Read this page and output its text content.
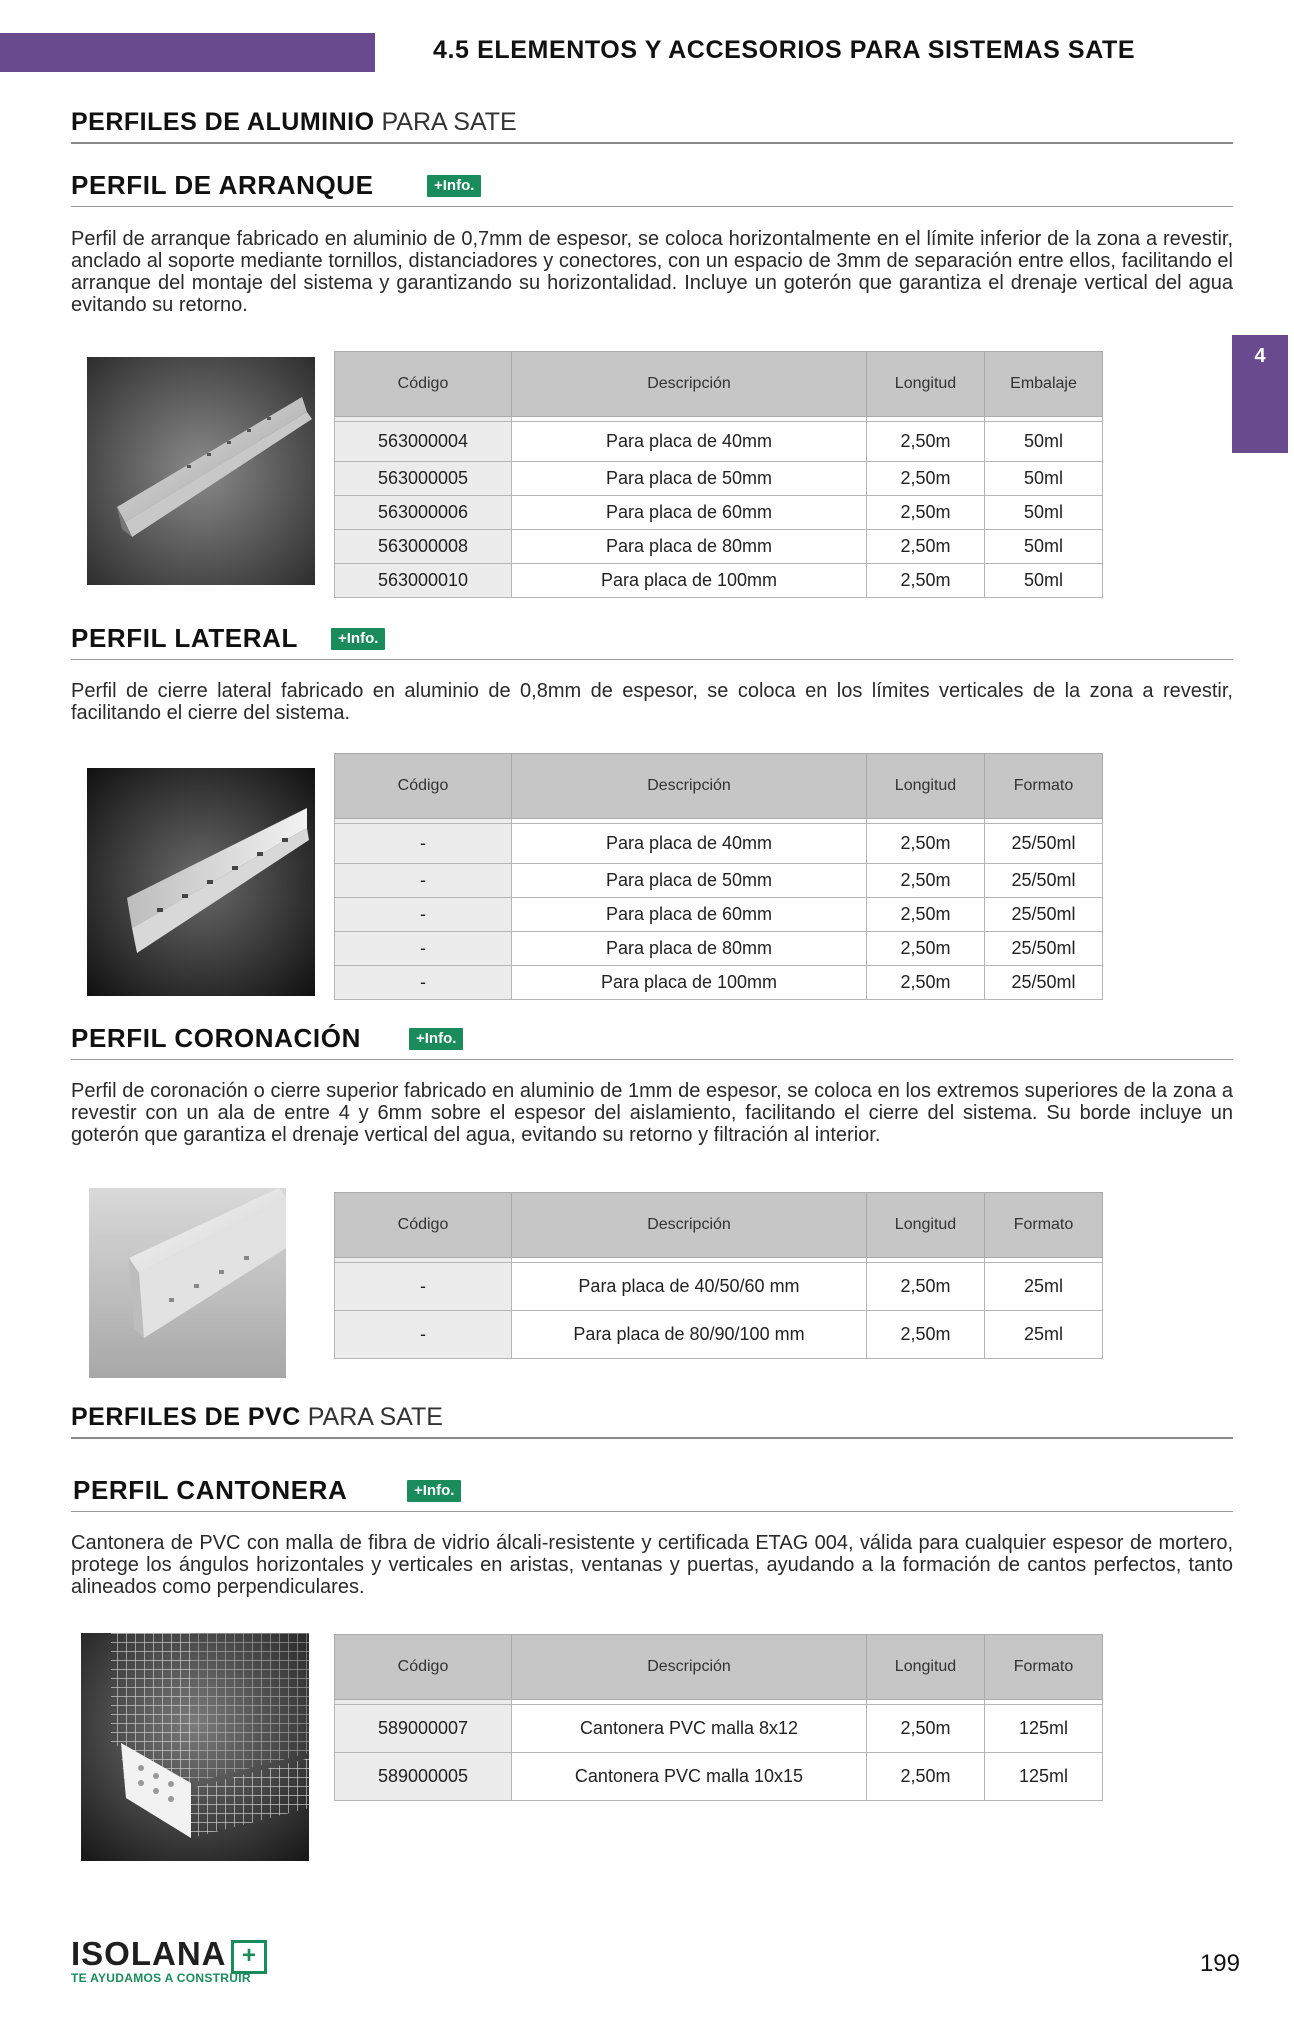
4.5 ELEMENTOS Y ACCESORIOS PARA SISTEMAS SATE
4
PERFILES DE ALUMINIO PARA SATE
PERFIL DE ARRANQUE	+Info.
Perfil de arranque fabricado en aluminio de 0,7mm de espesor, se coloca horizontalmente en el límite inferior de la zona a revestir, anclado al soporte mediante tornillos, distanciadores y conectores, con un espacio de 3mm de separación entre ellos, facilitando el arranque del montaje del sistema y garantizando su horizontalidad. Incluye un goterón que garantiza el drenaje vertical del agua evitando su retorno.
Código	Descripción	Longitud	Embalaje

563000004	Para placa de 40mm	2,50m	50ml
563000005	Para placa de 50mm	2,50m	50ml
563000006	Para placa de 60mm	2,50m	50ml
563000008	Para placa de 80mm	2,50m	50ml
563000010	Para placa de 100mm	2,50m	50ml
PERFIL LATERAL	+Info.
Perfil de cierre lateral fabricado en aluminio de 0,8mm de espesor, se coloca en los límites verticales de la zona a revestir, facilitando el cierre del sistema.
Código	Descripción	Longitud	Formato

-	Para placa de 40mm	2,50m	25/50ml
-	Para placa de 50mm	2,50m	25/50ml
-	Para placa de 60mm	2,50m	25/50ml
-	Para placa de 80mm	2,50m	25/50ml
-	Para placa de 100mm	2,50m	25/50ml
PERFIL CORONACIÓN	+Info.
Perfil de coronación o cierre superior fabricado en aluminio de 1mm de espesor, se coloca en los extremos superiores de la zona a revestir con un ala de entre 4 y 6mm sobre el espesor del aislamiento, facilitando el cierre del sistema. Su borde incluye un goterón que garantiza el drenaje vertical del agua, evitando su retorno y filtración al interior.
Código	Descripción	Longitud	Formato

-	Para placa de 40/50/60 mm	2,50m	25ml
-	Para placa de 80/90/100 mm	2,50m	25ml
PERFILES DE PVC PARA SATE
PERFIL CANTONERA	+Info.
Cantonera de PVC con malla de fibra de vidrio álcali-resistente y certificada ETAG 004, válida para cualquier espesor de mortero, protege los ángulos horizontales y verticales en aristas, ventanas y puertas, ayudando a la formación de cantos perfectos, tanto alineados como perpendiculares.
Código	Descripción	Longitud	Formato

589000007	Cantonera PVC malla 8x12	2,50m	125ml
589000005	Cantonera PVC malla 10x15	2,50m	125ml
ISOLANA +
TE AYUDAMOS A CONSTRUIR
199
